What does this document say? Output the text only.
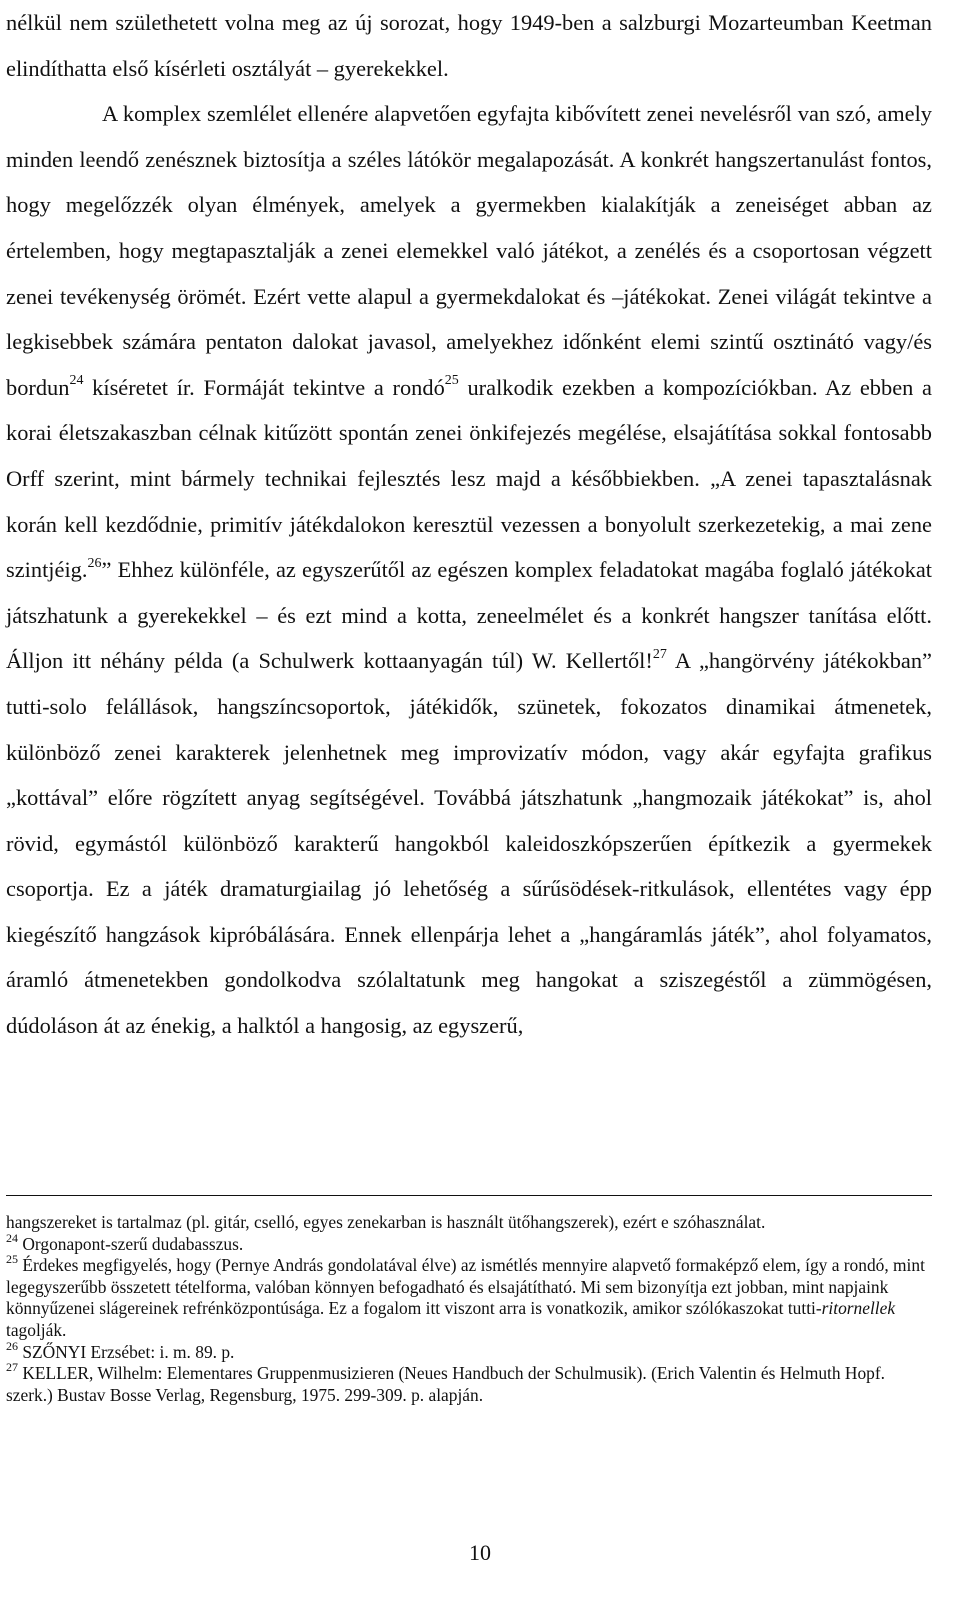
nélkül nem születhetett volna meg az új sorozat, hogy 1949-ben a salzburgi Mozarteumban Keetman elindíthatta első kísérleti osztályát – gyerekekkel.

A komplex szemlélet ellenére alapvetően egyfajta kibővített zenei nevelésről van szó, amely minden leendő zenésznek biztosítja a széles látókör megalapozását. A konkrét hangszertanulást fontos, hogy megelőzzék olyan élmények, amelyek a gyermekben kialakítják a zeneiséget abban az értelemben, hogy megtapasztalják a zenei elemekkel való játékot, a zenélés és a csoportosan végzett zenei tevékenység örömét. Ezért vette alapul a gyermekdalokat és –játékokat. Zenei világát tekintve a legkisebbek számára pentaton dalokat javasol, amelyekhez időnként elemi szintű osztinátó vagy/és bordun$^{24}$ kíséretet ír. Formáját tekintve a rondó$^{25}$ uralkodik ezekben a kompozíciókban. Az ebben a korai életszakaszban célnak kitűzött spontán zenei önkifejezés megélése, elsajátítása sokkal fontosabb Orff szerint, mint bármely technikai fejlesztés lesz majd a későbbiekben. „A zenei tapasztalásnak korán kell kezdődnie, primitív játékdalokon keresztül vezessen a bonyolult szerkezetekig, a mai zene szintjéig.$^{26}$” Ehhez különféle, az egyszerűtől az egészen komplex feladatokat magába foglaló játékokat játszhatunk a gyerekekkel – és ezt mind a kotta, zeneelmélet és a konkrét hangszer tanítása előtt. Álljon itt néhány példa (a Schulwerk kottaanyagán túl) W. Kellertől!$^{27}$ A „hangörvény játékokban” tutti-solo felállások, hangszíncsoportok, játékidők, szünetek, fokozatos dinamikai átmenetek, különböző zenei karakterek jelenhetnek meg improvizatív módon, vagy akár egyfajta grafikus „kottával” előre rögzített anyag segítségével. Továbbá játszhatunk „hangmozaik játékokat” is, ahol rövid, egymástól különböző karakterű hangokból kaleidoszkópszerűen építkezik a gyermekek csoportja. Ez a játék dramaturgiailag jó lehetőség a sűrűsödések-ritkulások, ellentétes vagy épp kiegészítő hangzások kipróbálására. Ennek ellenpárja lehet a „hangáramlás játék”, ahol folyamatos, áramló átmenetekben gondolkodva szólaltatunk meg hangokat a sziszegéstől a zümmögésen, dúdoláson át az énekig, a halktól a hangosig, az egyszerű,

hangszereket is tartalmaz (pl. gitár, cselló, egyes zenekarban is használt ütőhangszerek), ezért e szóhasználat.

$^{24}$ Orgonapont-szerű dudabasszus.

$^{25}$ Érdekes megfigyelés, hogy (Pernye András gondolatával élve) az ismétlés mennyire alapvető formaképző elem, így a rondó, mint legegyszerűbb összetett tételforma, valóban könnyen befogadható és elsajátítható. Mi sem bizonyítja ezt jobban, mint napjaink könnyűzenei slágereinek refrénközpontúsága. Ez a fogalom itt viszont arra is vonatkozik, amikor szólókaszokat tutti-ritornellek tagolják.

$^{26}$ SZŐNYI Erzsébet: i. m. 89. p.

$^{27}$ KELLER, Wilhelm: Elementares Gruppenmusizieren (Neues Handbuch der Schulmusik). (Erich Valentin és Helmuth Hopf. szerk.) Bustav Bosse Verlag, Regensburg, 1975. 299-309. p. alapján.

10
